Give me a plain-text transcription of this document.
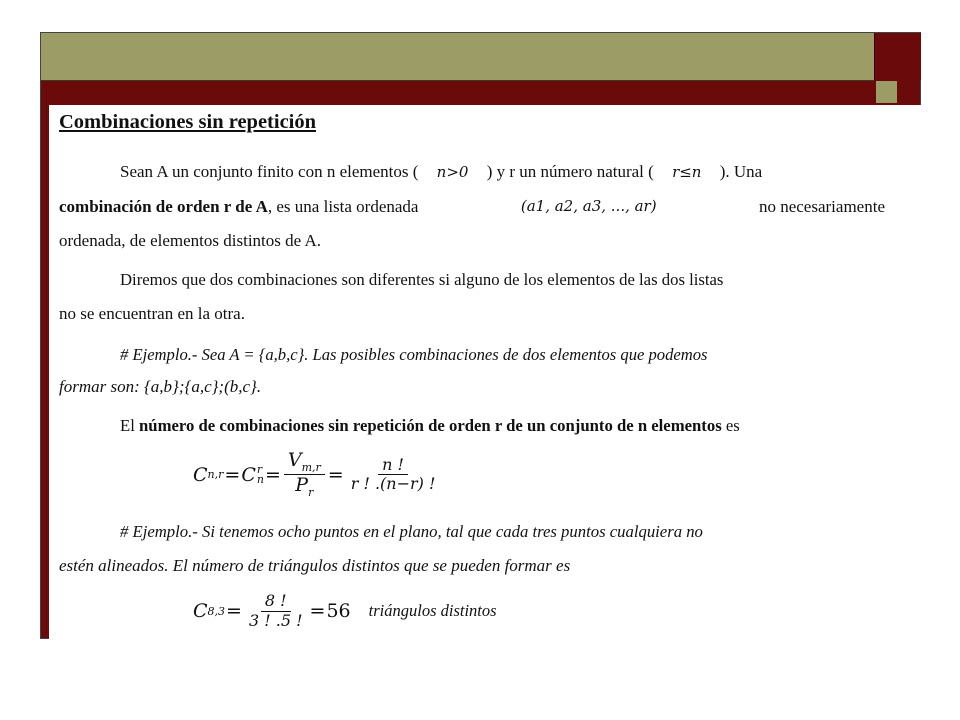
Combinaciones sin repetición
Sean A un conjunto finito con n elementos ( n>0 ) y r un número natural ( r≤n ). Una
combinación de orden r de A, es una lista ordenada	(a1, a2, a3, ..., ar)	no necesariamente
ordenada, de elementos distintos de A.
Diremos que dos combinaciones son diferentes si alguno de los elementos de las dos listas
no se encuentran en la otra.
# Ejemplo.- Sea A = {a,b,c}. Las posibles combinaciones de dos elementos que podemos
formar son: {a,b};{a,c};(b,c}.
El número de combinaciones sin repetición de orden r de un conjunto de n elementos es
C n,r = C r
$n = \frac{V_{m,r}}{P_r} = \frac{n !}{r ! .(n-r) !}$
# Ejemplo.- Si tenemos ocho puntos en el plano, tal que cada tres puntos cualquiera no
estén alineados. El número de triángulos distintos que se pueden formar es
C $8,3 = \frac{8 !}{3 ! .5 !} = 56$ triángulos distintos
